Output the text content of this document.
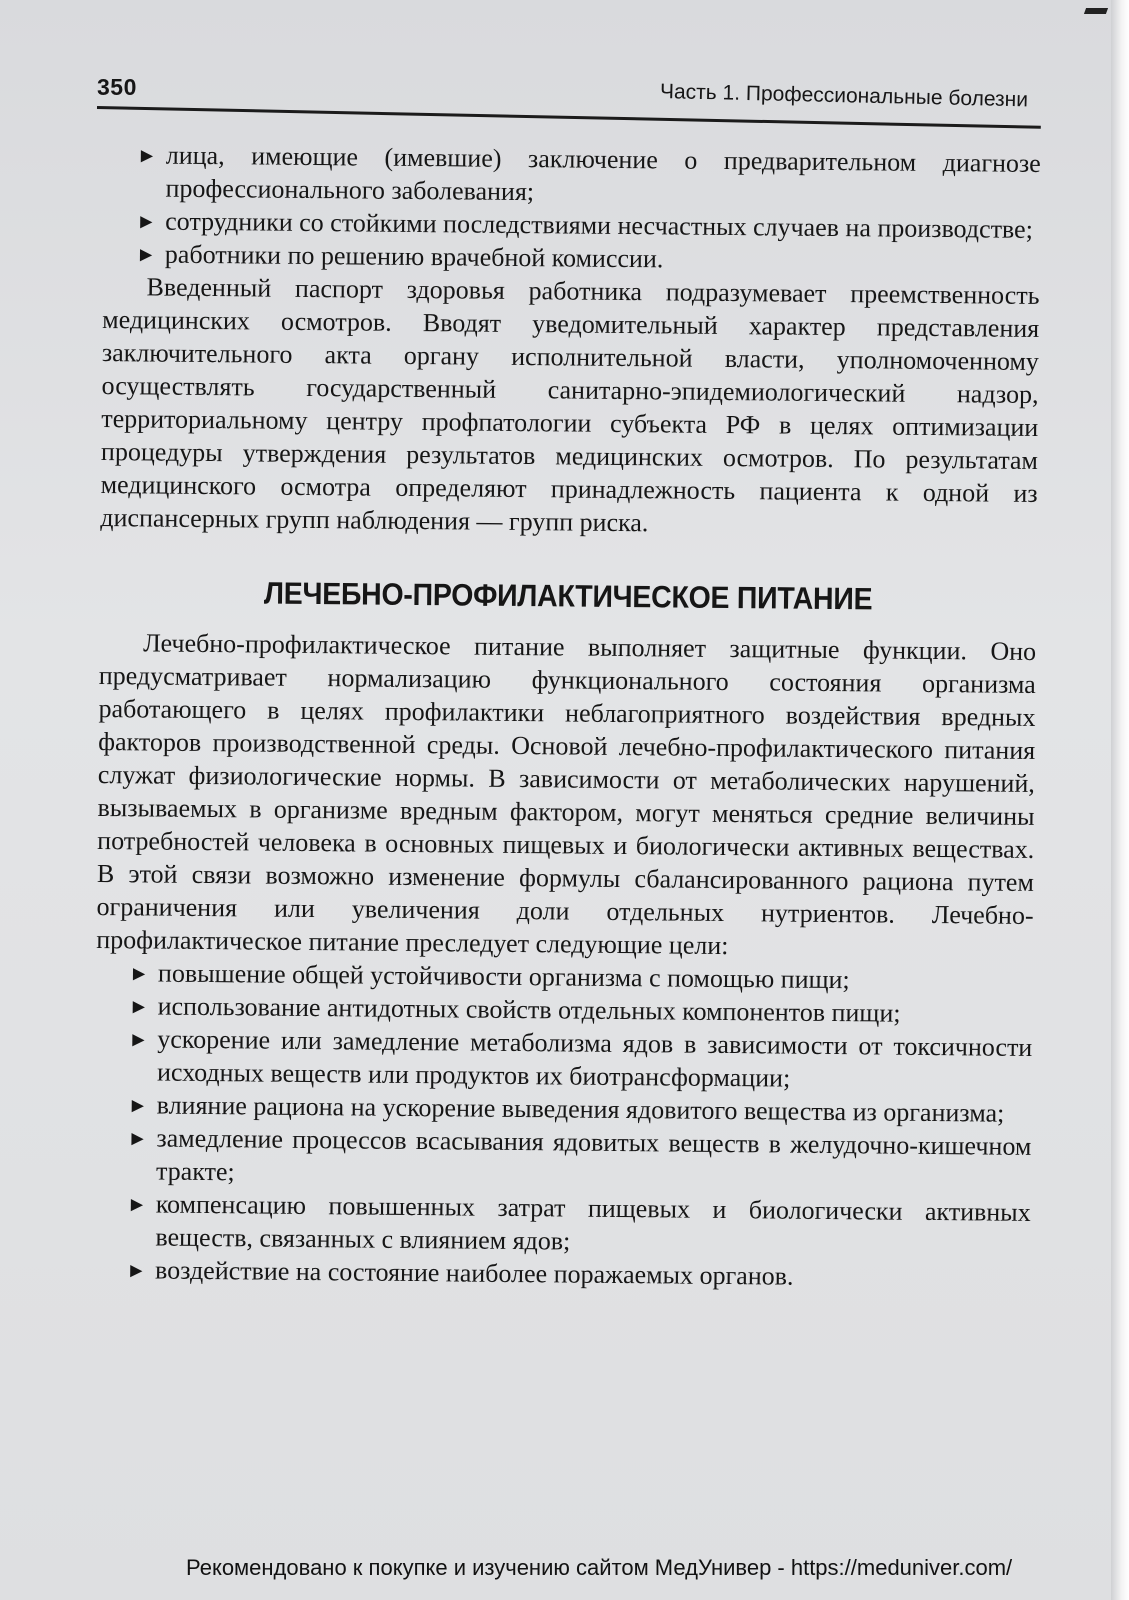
350	Часть 1. Профессиональные болезни
▶ лица, имеющие (имевшие) заключение о предварительном диагнозе профессионального заболевания;
▶ сотрудники со стойкими последствиями несчастных случаев на производстве;
▶ работники по решению врачебной комиссии.

Введенный паспорт здоровья работника подразумевает преемственность медицинских осмотров. Вводят уведомительный характер представления заключительного акта органу исполнительной власти, уполномоченному осуществлять государственный санитарно-эпидемиологический надзор, территориальному центру профпатологии субъекта РФ в целях оптимизации процедуры утверждения результатов медицинских осмотров. По результатам медицинского осмотра определяют принадлежность пациента к одной из диспансерных групп наблюдения — групп риска.

ЛЕЧЕБНО-ПРОФИЛАКТИЧЕСКОЕ ПИТАНИЕ

Лечебно-профилактическое питание выполняет защитные функции. Оно предусматривает нормализацию функционального состояния организма работающего в целях профилактики неблагоприятного воздействия вредных факторов производственной среды. Основой лечебно-профилактического питания служат физиологические нормы. В зависимости от метаболических нарушений, вызываемых в организме вредным фактором, могут меняться средние величины потребностей человека в основных пищевых и биологически активных веществах. В этой связи возможно изменение формулы сбалансированного рациона путем ограничения или увеличения доли отдельных нутриентов. Лечебно-профилактическое питание преследует следующие цели:

▶ повышение общей устойчивости организма с помощью пищи;
▶ использование антидотных свойств отдельных компонентов пищи;
▶ ускорение или замедление метаболизма ядов в зависимости от токсичности исходных веществ или продуктов их биотрансформации;
▶ влияние рациона на ускорение выведения ядовитого вещества из организма;
▶ замедление процессов всасывания ядовитых веществ в желудочно-кишечном тракте;
▶ компенсацию повышенных затрат пищевых и биологически активных веществ, связанных с влиянием ядов;
▶ воздействие на состояние наиболее поражаемых органов.
Рекомендовано к покупке и изучению сайтом МедУнивер - https://meduniver.com/
